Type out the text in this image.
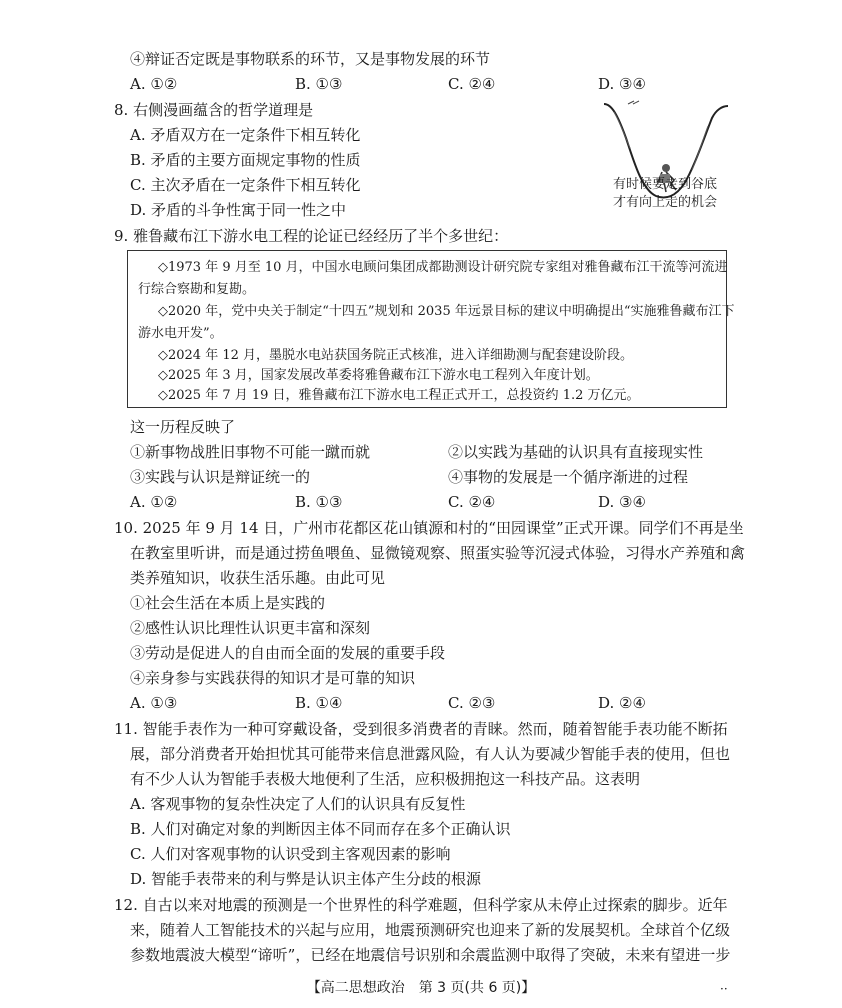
④辩证否定既是事物联系的环节，又是事物发展的环节
A. ①②	B. ①③	C. ②④	D. ③④
8. 右侧漫画蕴含的哲学道理是
A. 矛盾双方在一定条件下相互转化
B. 矛盾的主要方面规定事物的性质
C. 主次矛盾在一定条件下相互转化
D. 矛盾的斗争性寓于同一性之中
有时候要走到谷底
才有向上走的机会
9. 雅鲁藏布江下游水电工程的论证已经经历了半个多世纪：
◇1973 年 9 月至 10 月，中国水电顾问集团成都勘测设计研究院专家组对雅鲁藏布江干流等河流进
行综合察勘和复勘。
◇2020 年，党中央关于制定“十四五”规划和 2035 年远景目标的建议中明确提出“实施雅鲁藏布江下
游水电开发”。
◇2024 年 12 月，墨脱水电站获国务院正式核准，进入详细勘测与配套建设阶段。
◇2025 年 3 月，国家发展改革委将雅鲁藏布江下游水电工程列入年度计划。
◇2025 年 7 月 19 日，雅鲁藏布江下游水电工程正式开工，总投资约 1.2 万亿元。
这一历程反映了
①新事物战胜旧事物不可能一蹴而就	②以实践为基础的认识具有直接现实性
③实践与认识是辩证统一的	④事物的发展是一个循序渐进的过程
A. ①②	B. ①③	C. ②④	D. ③④
10. 2025 年 9 月 14 日，广州市花都区花山镇源和村的“田园课堂”正式开课。同学们不再是坐
在教室里听讲，而是通过捞鱼喂鱼、显微镜观察、照蛋实验等沉浸式体验，习得水产养殖和禽
类养殖知识，收获生活乐趣。由此可见
①社会生活在本质上是实践的
②感性认识比理性认识更丰富和深刻
③劳动是促进人的自由而全面的发展的重要手段
④亲身参与实践获得的知识才是可靠的知识
A. ①③	B. ①④	C. ②③	D. ②④
11. 智能手表作为一种可穿戴设备，受到很多消费者的青睐。然而，随着智能手表功能不断拓
展，部分消费者开始担忧其可能带来信息泄露风险，有人认为要减少智能手表的使用，但也
有不少人认为智能手表极大地便利了生活，应积极拥抱这一科技产品。这表明
A. 客观事物的复杂性决定了人们的认识具有反复性
B. 人们对确定对象的判断因主体不同而存在多个正确认识
C. 人们对客观事物的认识受到主客观因素的影响
D. 智能手表带来的利与弊是认识主体产生分歧的根源
12. 自古以来对地震的预测是一个世界性的科学难题，但科学家从未停止过探索的脚步。近年
来，随着人工智能技术的兴起与应用，地震预测研究也迎来了新的发展契机。全球首个亿级
参数地震波大模型“谛听”，已经在地震信号识别和余震监测中取得了突破，未来有望进一步
【高二思想政治　第 3 页(共 6 页)】	··
